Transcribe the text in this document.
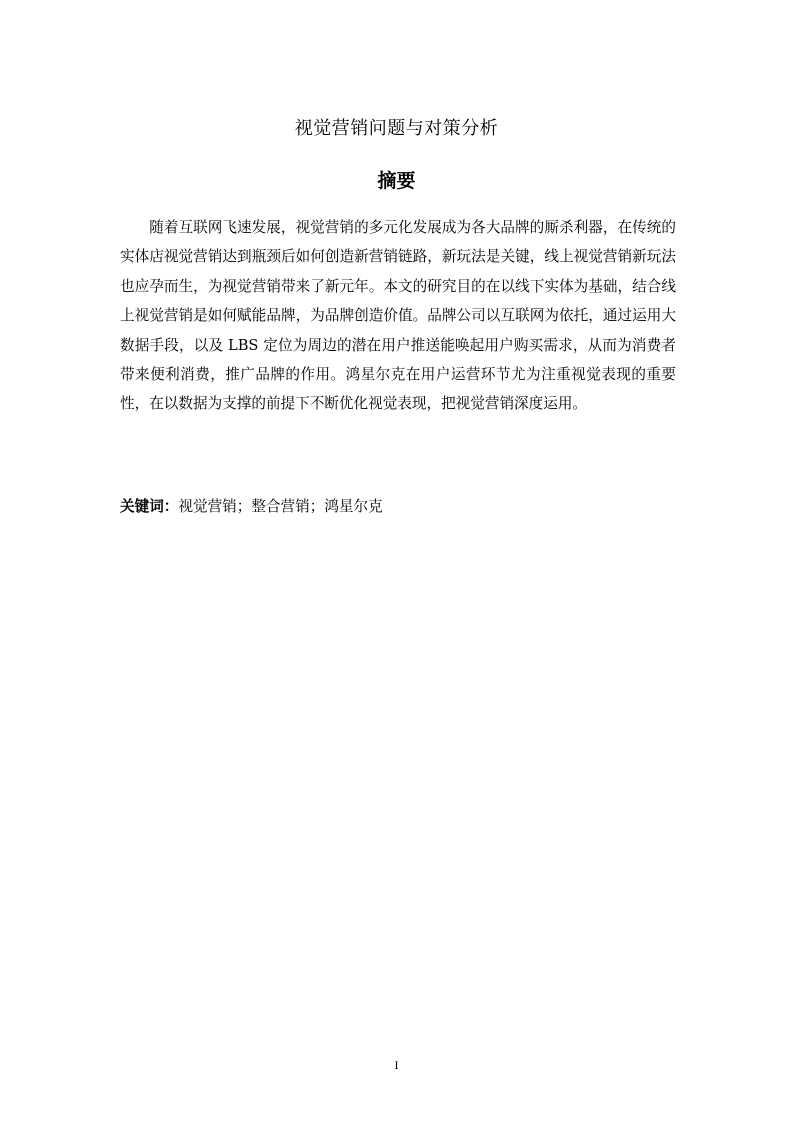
视觉营销问题与对策分析
摘要

随着互联网飞速发展，视觉营销的多元化发展成为各大品牌的厮杀利器，在传统的实体店视觉营销达到瓶颈后如何创造新营销链路，新玩法是关键，线上视觉营销新玩法也应孕而生，为视觉营销带来了新元年。本文的研究目的在以线下实体为基础，结合线上视觉营销是如何赋能品牌，为品牌创造价值。品牌公司以互联网为依托，通过运用大数据手段，以及 LBS 定位为周边的潜在用户推送能唤起用户购买需求，从而为消费者带来便利消费，推广品牌的作用。鸿星尔克在用户运营环节尤为注重视觉表现的重要性，在以数据为支撑的前提下不断优化视觉表现，把视觉营销深度运用。

关键词：视觉营销；整合营销；鸿星尔克

I
